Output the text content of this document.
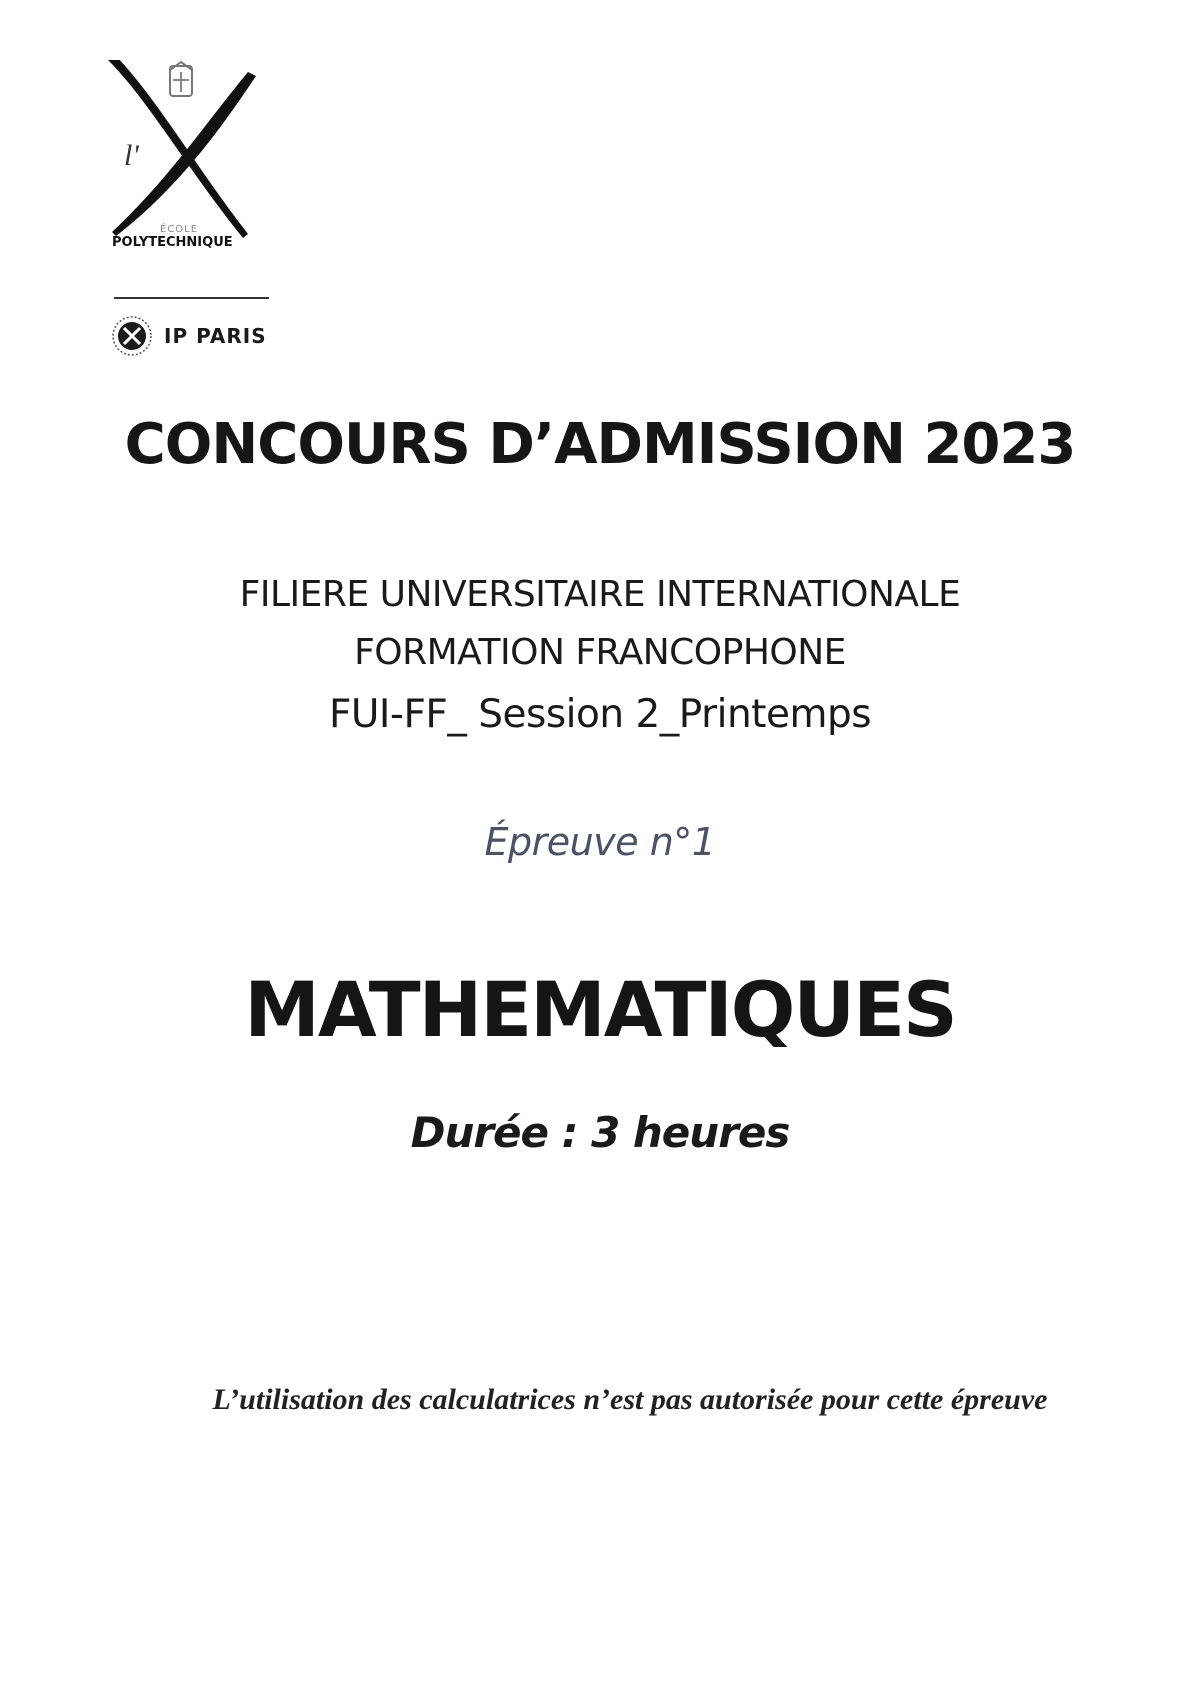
l'
ÉCOLE
POLYTECHNIQUE
IP PARIS
CONCOURS D’ADMISSION 2023
FILIERE UNIVERSITAIRE INTERNATIONALE
FORMATION FRANCOPHONE
FUI-FF_ Session 2_Printemps
Épreuve n°1
MATHEMATIQUES
Durée : 3 heures
L’utilisation des calculatrices n’est pas autorisée pour cette épreuve
